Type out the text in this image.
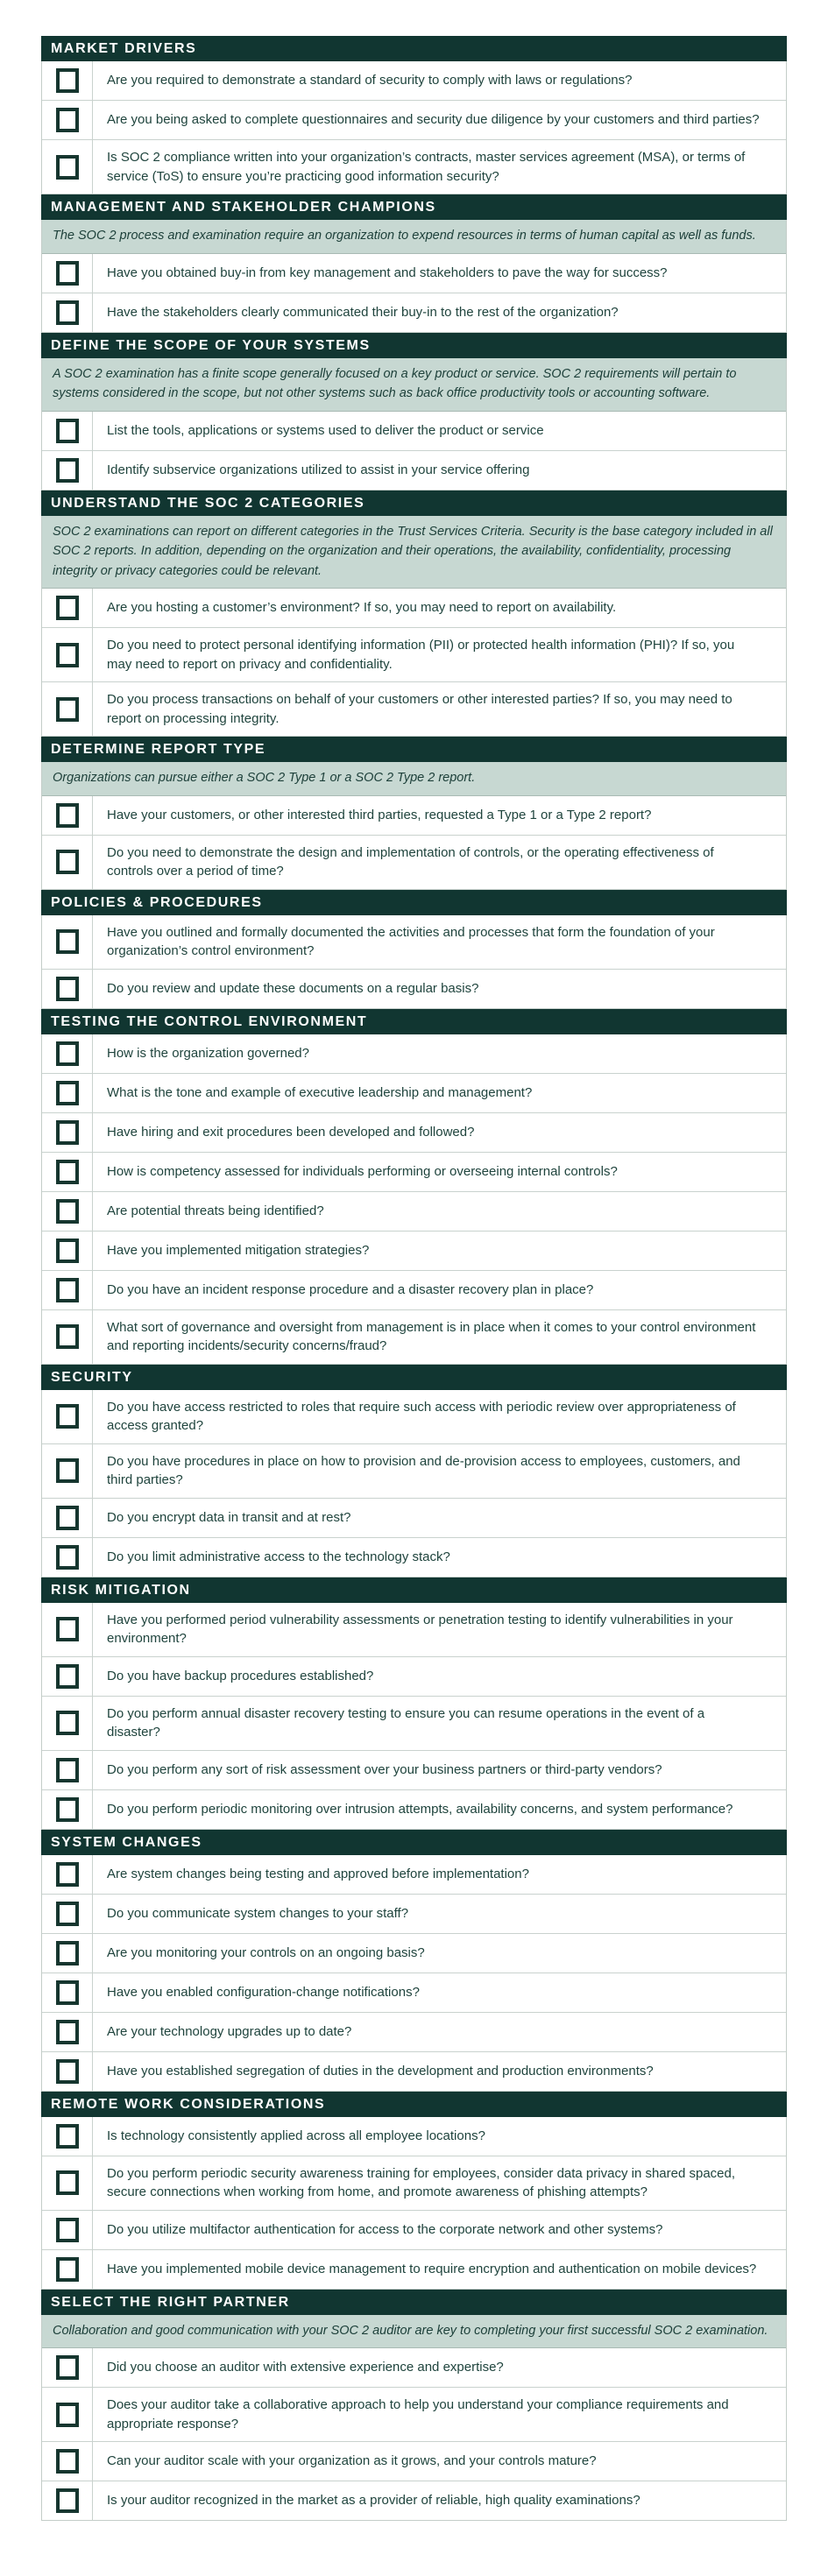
MARKET DRIVERS
Are you required to demonstrate a standard of security to comply with laws or regulations?
Are you being asked to complete questionnaires and security due diligence by your customers and third parties?
Is SOC 2 compliance written into your organization’s contracts, master services agreement (MSA), or terms of service (ToS) to ensure you’re practicing good information security?
MANAGEMENT AND STAKEHOLDER CHAMPIONS
The SOC 2 process and examination require an organization to expend resources in terms of human capital as well as funds.
Have you obtained buy-in from key management and stakeholders to pave the way for success?
Have the stakeholders clearly communicated their buy-in to the rest of the organization?
DEFINE THE SCOPE OF YOUR SYSTEMS
A SOC 2 examination has a finite scope generally focused on a key product or service. SOC 2 requirements will pertain to systems considered in the scope, but not other systems such as back office productivity tools or accounting software.
List the tools, applications or systems used to deliver the product or service
Identify subservice organizations utilized to assist in your service offering
UNDERSTAND THE SOC 2 CATEGORIES
SOC 2 examinations can report on different categories in the Trust Services Criteria. Security is the base category included in all SOC 2 reports. In addition, depending on the organization and their operations, the availability, confidentiality, processing integrity or privacy categories could be relevant.
Are you hosting a customer’s environment? If so, you may need to report on availability.
Do you need to protect personal identifying information (PII) or protected health information (PHI)? If so, you may need to report on privacy and confidentiality.
Do you process transactions on behalf of your customers or other interested parties? If so, you may need to report on processing integrity.
DETERMINE REPORT TYPE
Organizations can pursue either a SOC 2 Type 1 or a SOC 2 Type 2 report.
Have your customers, or other interested third parties, requested a Type 1 or a Type 2 report?
Do you need to demonstrate the design and implementation of controls, or the operating effectiveness of controls over a period of time?
POLICIES & PROCEDURES
Have you outlined and formally documented the activities and processes that form the foundation of your organization’s control environment?
Do you review and update these documents on a regular basis?
TESTING THE CONTROL ENVIRONMENT
How is the organization governed?
What is the tone and example of executive leadership and management?
Have hiring and exit procedures been developed and followed?
How is competency assessed for individuals performing or overseeing internal controls?
Are potential threats being identified?
Have you implemented mitigation strategies?
Do you have an incident response procedure and a disaster recovery plan in place?
What sort of governance and oversight from management is in place when it comes to your control environment and reporting incidents/security concerns/fraud?
SECURITY
Do you have access restricted to roles that require such access with periodic review over appropriateness of access granted?
Do you have procedures in place on how to provision and de-provision access to employees, customers, and third parties?
Do you encrypt data in transit and at rest?
Do you limit administrative access to the technology stack?
RISK MITIGATION
Have you performed period vulnerability assessments or penetration testing to identify vulnerabilities in your environment?
Do you have backup procedures established?
Do you perform annual disaster recovery testing to ensure you can resume operations in the event of a disaster?
Do you perform any sort of risk assessment over your business partners or third-party vendors?
Do you perform periodic monitoring over intrusion attempts, availability concerns, and system performance?
SYSTEM CHANGES
Are system changes being testing and approved before implementation?
Do you communicate system changes to your staff?
Are you monitoring your controls on an ongoing basis?
Have you enabled configuration-change notifications?
Are your technology upgrades up to date?
Have you established segregation of duties in the development and production environments?
REMOTE WORK CONSIDERATIONS
Is technology consistently applied across all employee locations?
Do you perform periodic security awareness training for employees, consider data privacy in shared spaced, secure connections when working from home, and promote awareness of phishing attempts?
Do you utilize multifactor authentication for access to the corporate network and other systems?
Have you implemented mobile device management to require encryption and authentication on mobile devices?
SELECT THE RIGHT PARTNER
Collaboration and good communication with your SOC 2 auditor are key to completing your first successful SOC 2 examination.
Did you choose an auditor with extensive experience and expertise?
Does your auditor take a collaborative approach to help you understand your compliance requirements and appropriate response?
Can your auditor scale with your organization as it grows, and your controls mature?
Is your auditor recognized in the market as a provider of reliable, high quality examinations?
